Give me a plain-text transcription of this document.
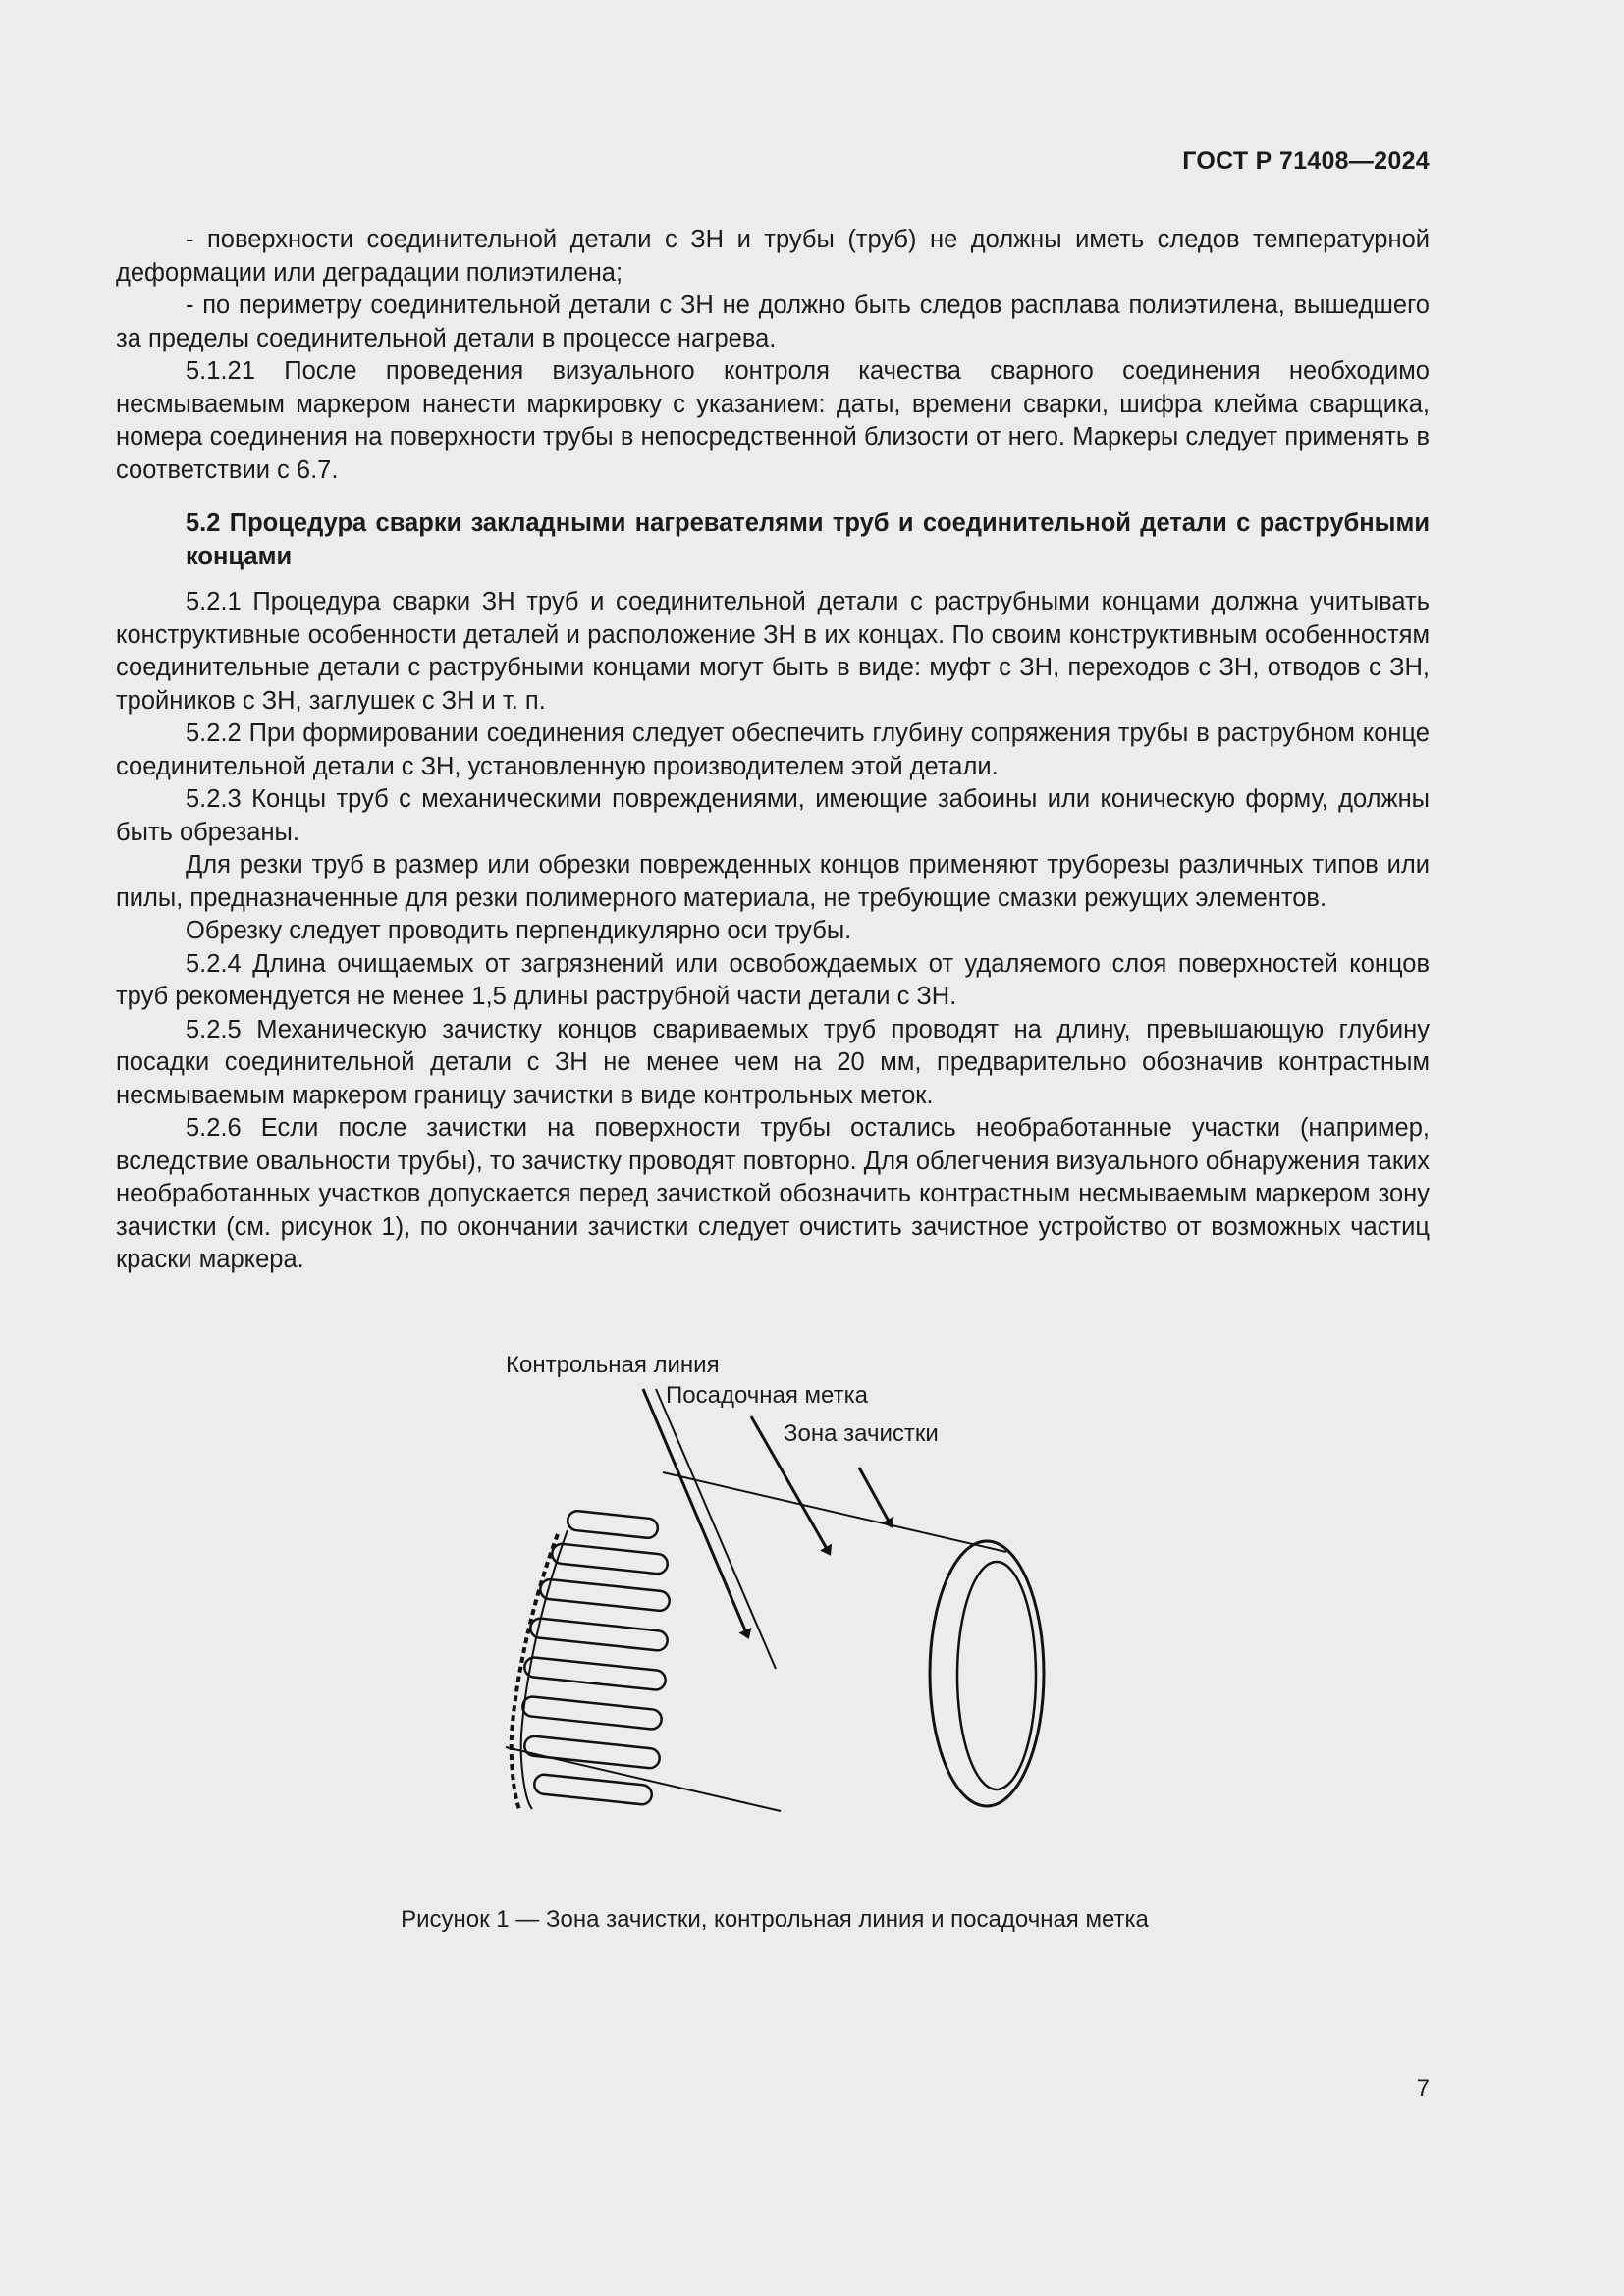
ГОСТ Р 71408—2024

- поверхности соединительной детали с ЗН и трубы (труб) не должны иметь следов температурной деформации или деградации полиэтилена;

- по периметру соединительной детали с ЗН не должно быть следов расплава полиэтилена, вышедшего за пределы соединительной детали в процессе нагрева.

5.1.21 После проведения визуального контроля качества сварного соединения необходимо несмываемым маркером нанести маркировку с указанием: даты, времени сварки, шифра клейма сварщика, номера соединения на поверхности трубы в непосредственной близости от него. Маркеры следует применять в соответствии с 6.7.

5.2 Процедура сварки закладными нагревателями труб и соединительной детали с раструбными концами

5.2.1 Процедура сварки ЗН труб и соединительной детали с раструбными концами должна учитывать конструктивные особенности деталей и расположение ЗН в их концах. По своим конструктивным особенностям соединительные детали с раструбными концами могут быть в виде: муфт с ЗН, переходов с ЗН, отводов с ЗН, тройников с ЗН, заглушек с ЗН и т. п.

5.2.2 При формировании соединения следует обеспечить глубину сопряжения трубы в раструбном конце соединительной детали с ЗН, установленную производителем этой детали.

5.2.3 Концы труб с механическими повреждениями, имеющие забоины или коническую форму, должны быть обрезаны.

Для резки труб в размер или обрезки поврежденных концов применяют труборезы различных типов или пилы, предназначенные для резки полимерного материала, не требующие смазки режущих элементов.

Обрезку следует проводить перпендикулярно оси трубы.

5.2.4 Длина очищаемых от загрязнений или освобождаемых от удаляемого слоя поверхностей концов труб рекомендуется не менее 1,5 длины раструбной части детали с ЗН.

5.2.5 Механическую зачистку концов свариваемых труб проводят на длину, превышающую глубину посадки соединительной детали с ЗН не менее чем на 20 мм, предварительно обозначив контрастным несмываемым маркером границу зачистки в виде контрольных меток.

5.2.6 Если после зачистки на поверхности трубы остались необработанные участки (например, вследствие овальности трубы), то зачистку проводят повторно. Для облегчения визуального обнаружения таких необработанных участков допускается перед зачисткой обозначить контрастным несмываемым маркером зону зачистки (см. рисунок 1), по окончании зачистки следует очистить зачистное устройство от возможных частиц краски маркера.

Контрольная линия
Посадочная метка
Зона зачистки
Рисунок 1 — Зона зачистки, контрольная линия и посадочная метка
7
